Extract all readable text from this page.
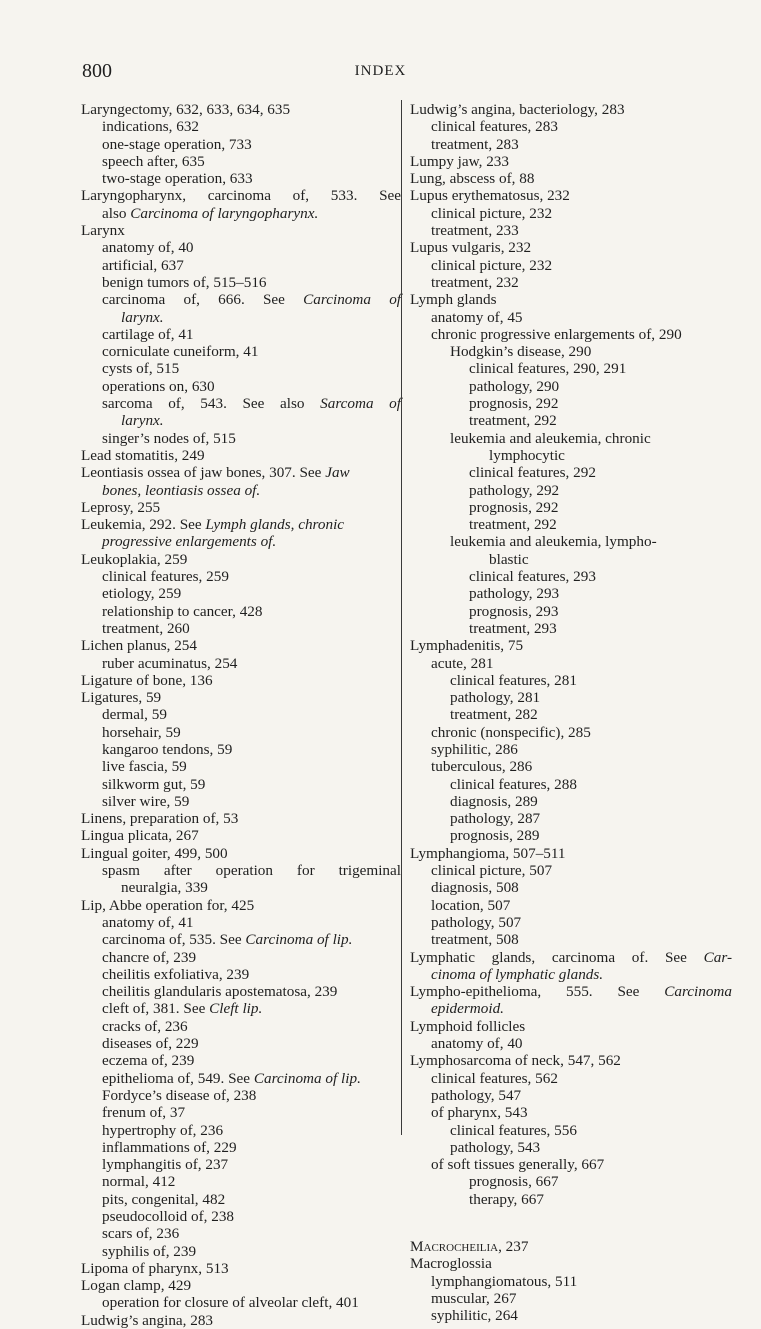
800	INDEX
Laryngectomy, 632, 633, 634, 635
indications, 632
one-stage operation, 733
speech after, 635
two-stage operation, 633
Laryngopharynx, carcinoma of, 533. See
also Carcinoma of laryngopharynx.
Larynx
anatomy of, 40
artificial, 637
benign tumors of, 515–516
carcinoma of, 666. See Carcinoma of
larynx.
cartilage of, 41
corniculate cuneiform, 41
cysts of, 515
operations on, 630
sarcoma of, 543. See also Sarcoma of
larynx.
singer’s nodes of, 515
Lead stomatitis, 249
Leontiasis ossea of jaw bones, 307. See Jaw
bones, leontiasis ossea of.
Leprosy, 255
Leukemia, 292. See Lymph glands, chronic
progressive enlargements of.
Leukoplakia, 259
clinical features, 259
etiology, 259
relationship to cancer, 428
treatment, 260
Lichen planus, 254
ruber acuminatus, 254
Ligature of bone, 136
Ligatures, 59
dermal, 59
horsehair, 59
kangaroo tendons, 59
live fascia, 59
silkworm gut, 59
silver wire, 59
Linens, preparation of, 53
Lingua plicata, 267
Lingual goiter, 499, 500
spasm after operation for trigeminal
neuralgia, 339
Lip, Abbe operation for, 425
anatomy of, 41
carcinoma of, 535. See Carcinoma of lip.
chancre of, 239
cheilitis exfoliativa, 239
cheilitis glandularis apostematosa, 239
cleft of, 381. See Cleft lip.
cracks of, 236
diseases of, 229
eczema of, 239
epithelioma of, 549. See Carcinoma of lip.
Fordyce’s disease of, 238
frenum of, 37
hypertrophy of, 236
inflammations of, 229
lymphangitis of, 237
normal, 412
pits, congenital, 482
pseudocolloid of, 238
scars of, 236
syphilis of, 239
Lipoma of pharynx, 513
Logan clamp, 429
operation for closure of alveolar cleft, 401
Ludwig’s angina, 283
Ludwig’s angina, bacteriology, 283
clinical features, 283
treatment, 283
Lumpy jaw, 233
Lung, abscess of, 88
Lupus erythematosus, 232
clinical picture, 232
treatment, 233
Lupus vulgaris, 232
clinical picture, 232
treatment, 232
Lymph glands
anatomy of, 45
chronic progressive enlargements of, 290
Hodgkin’s disease, 290
clinical features, 290, 291
pathology, 290
prognosis, 292
treatment, 292
leukemia and aleukemia, chronic
lymphocytic
clinical features, 292
pathology, 292
prognosis, 292
treatment, 292
leukemia and aleukemia, lympho-
blastic
clinical features, 293
pathology, 293
prognosis, 293
treatment, 293
Lymphadenitis, 75
acute, 281
clinical features, 281
pathology, 281
treatment, 282
chronic (nonspecific), 285
syphilitic, 286
tuberculous, 286
clinical features, 288
diagnosis, 289
pathology, 287
prognosis, 289
Lymphangioma, 507–511
clinical picture, 507
diagnosis, 508
location, 507
pathology, 507
treatment, 508
Lymphatic glands, carcinoma of. See Car-
cinoma of lymphatic glands.
Lympho-epithelioma, 555. See Carcinoma
epidermoid.
Lymphoid follicles
anatomy of, 40
Lymphosarcoma of neck, 547, 562
clinical features, 562
pathology, 547
of pharynx, 543
clinical features, 556
pathology, 543
of soft tissues generally, 667
prognosis, 667
therapy, 667
Macrocheilia, 237
Macroglossia
lymphangiomatous, 511
muscular, 267
syphilitic, 264
